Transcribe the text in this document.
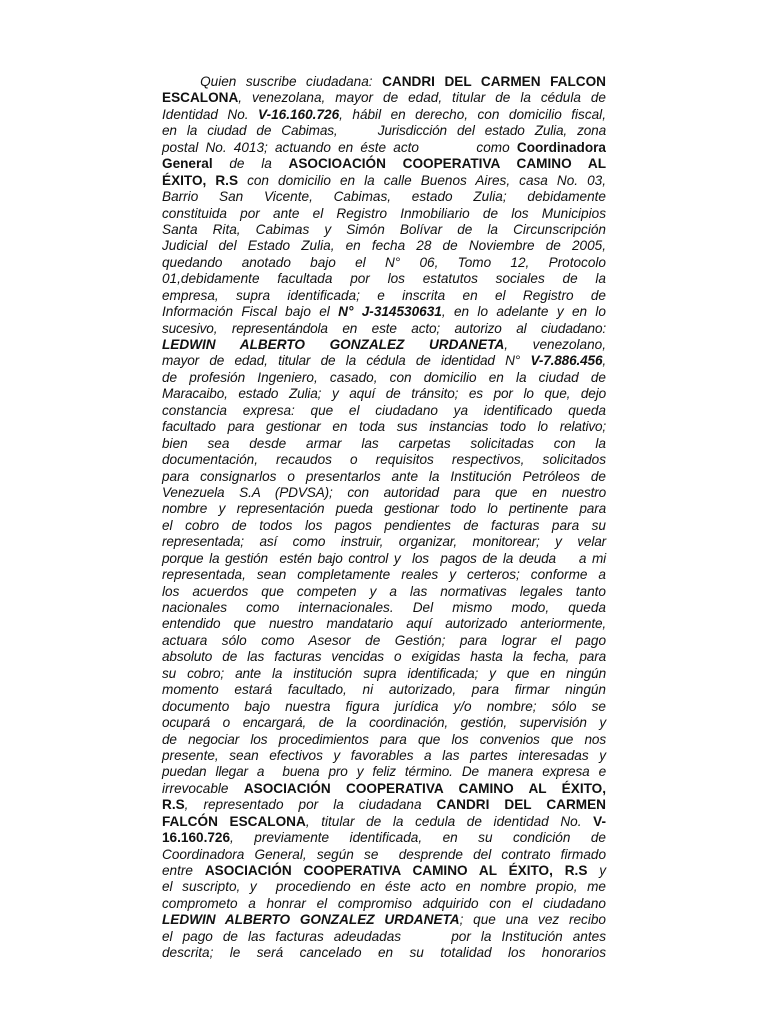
Quien suscribe ciudadana: CANDRI DEL CARMEN FALCON
ESCALONA, venezolana, mayor de edad, titular de la cédula de
Identidad No. V-16.160.726, hábil en derecho, con domicilio fiscal,
en la ciudad de Cabimas,    Jurisdicción del estado Zulia, zona
postal No. 4013; actuando en éste acto        como Coordinadora
General de la ASOCIOACIÓN COOPERATIVA CAMINO AL
ÉXITO, R.S con domicilio en la calle Buenos Aires, casa No. 03,
Barrio San Vicente, Cabimas, estado Zulia; debidamente
constituida por ante el Registro Inmobiliario de los Municipios
Santa Rita, Cabimas y Simón Bolívar de la Circunscripción
Judicial del Estado Zulia, en fecha 28 de Noviembre de 2005,
quedando anotado bajo el N° 06, Tomo 12, Protocolo
01,debidamente facultada por los estatutos sociales de la
empresa, supra identificada; e inscrita en el Registro de
Información Fiscal bajo el N° J-314530631, en lo adelante y en lo
sucesivo, representándola en este acto; autorizo al ciudadano:
LEDWIN ALBERTO GONZALEZ URDANETA, venezolano,
mayor de edad, titular de la cédula de identidad N° V-7.886.456,
de profesión Ingeniero, casado, con domicilio en la ciudad de
Maracaibo, estado Zulia; y aquí de tránsito; es por lo que, dejo
constancia expresa: que el ciudadano ya identificado queda
facultado para gestionar en toda sus instancias todo lo relativo;
bien sea desde armar las carpetas solicitadas con la
documentación, recaudos o requisitos respectivos, solicitados
para consignarlos o presentarlos ante la Institución Petróleos de
Venezuela S.A (PDVSA); con autoridad para que en nuestro
nombre y representación pueda gestionar todo lo pertinente para
el cobro de todos los pagos pendientes de facturas para su
representada; así como instruir, organizar, monitorear; y velar
porque la gestión  estén bajo control y  los  pagos de la deuda    a mi
representada, sean completamente reales y certeros; conforme a
los acuerdos que competen y a las normativas legales tanto
nacionales como internacionales. Del mismo modo, queda
entendido que nuestro mandatario aquí autorizado anteriormente,
actuara sólo como Asesor de Gestión; para lograr el pago
absoluto de las facturas vencidas o exigidas hasta la fecha, para
su cobro; ante la institución supra identificada; y que en ningún
momento estará facultado, ni autorizado, para firmar ningún
documento bajo nuestra figura jurídica y/o nombre; sólo se
ocupará o encargará, de la coordinación, gestión, supervisión y
de negociar los procedimientos para que los convenios que nos
presente, sean efectivos y favorables a las partes interesadas y
puedan llegar a  buena pro y feliz término. De manera expresa e
irrevocable ASOCIACIÓN COOPERATIVA CAMINO AL ÉXITO,
R.S, representado por la ciudadana CANDRI DEL CARMEN
FALCÓN ESCALONA, titular de la cedula de identidad No. V-
16.160.726, previamente identificada, en su condición de
Coordinadora General, según se  desprende del contrato firmado
entre ASOCIACIÓN COOPERATIVA CAMINO AL ÉXITO, R.S y
el suscripto, y  procediendo en éste acto en nombre propio, me
comprometo a honrar el compromiso adquirido con el ciudadano
LEDWIN ALBERTO GONZALEZ URDANETA; que una vez recibo
el pago de las facturas adeudadas     por la Institución antes
descrita; le será cancelado en su totalidad los honorarios
